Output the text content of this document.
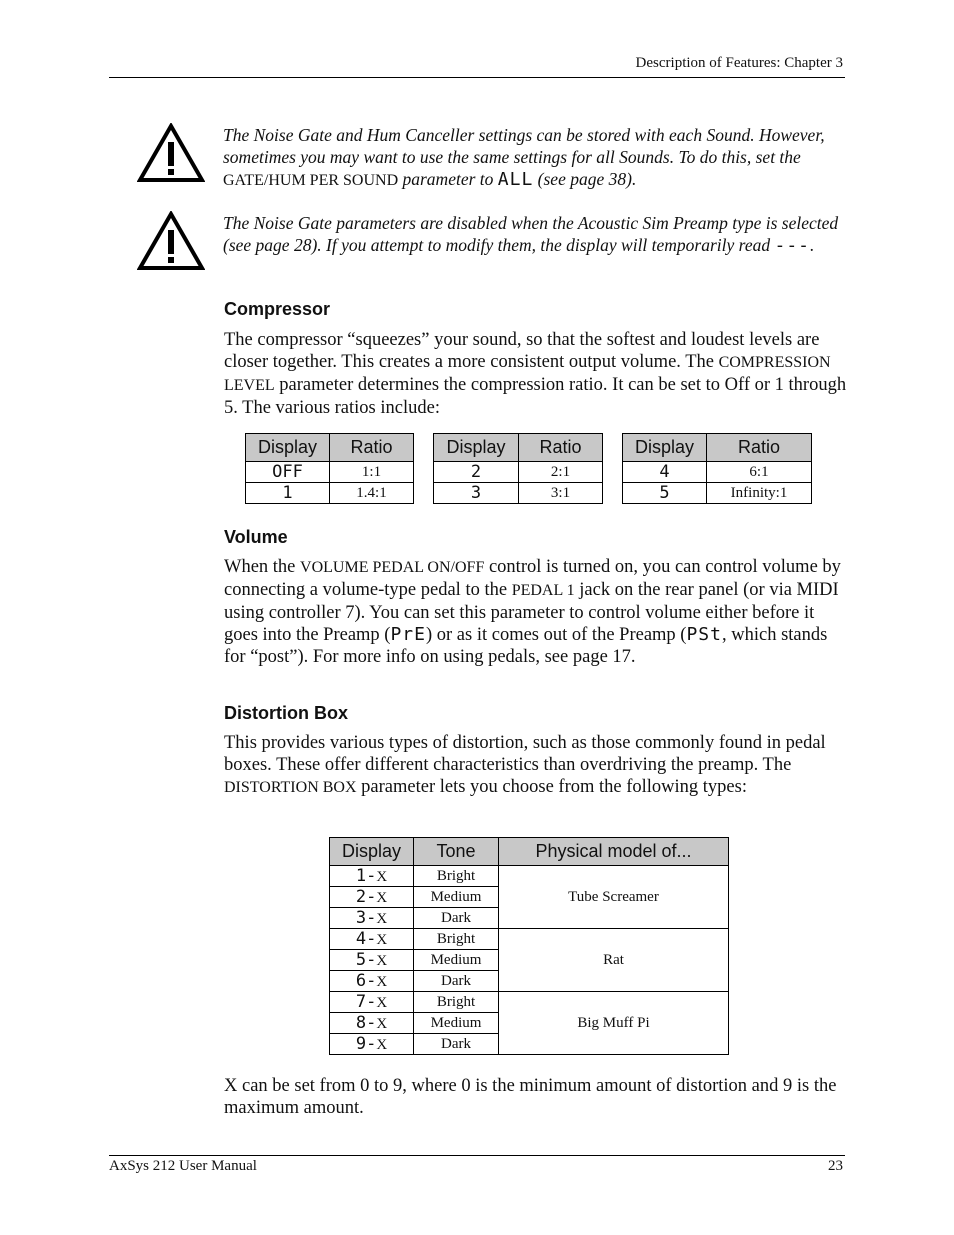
Description of Features: Chapter 3
The Noise Gate and Hum Canceller settings can be stored with each Sound. However, sometimes you may want to use the same settings for all Sounds. To do this, set the GATE/HUM PER SOUND parameter to ALL (see page 38).
The Noise Gate parameters are disabled when the Acoustic Sim Preamp type is selected (see page 28). If you attempt to modify them, the display will temporarily read ---.
Compressor
The compressor “squeezes” your sound, so that the softest and loudest levels are closer together. This creates a more consistent output volume. The COMPRESSION LEVEL parameter determines the compression ratio. It can be set to Off or 1 through 5. The various ratios include:
Display	Ratio
OFF	1:1
1	1.4:1
Display	Ratio
2	2:1
3	3:1
Display	Ratio
4	6:1
5	Infinity:1
Volume
When the VOLUME PEDAL ON/OFF control is turned on, you can control volume by connecting a volume-type pedal to the PEDAL 1 jack on the rear panel (or via MIDI using controller 7). You can set this parameter to control volume either before it goes into the Preamp (PrE) or as it comes out of the Preamp (PSt, which stands for “post”). For more info on using pedals, see page 17.
Distortion Box
This provides various types of distortion, such as those commonly found in pedal boxes. These offer different characteristics than overdriving the preamp. The DISTORTION BOX parameter lets you choose from the following types:
Display	Tone	Physical model of...
1-X	Bright	Tube Screamer
2-X	Medium	
3-X	Dark	
4-X	Bright	Rat
5-X	Medium	
6-X	Dark	
7-X	Bright	Big Muff Pi
8-X	Medium	
9-X	Dark	
X can be set from 0 to 9, where 0 is the minimum amount of distortion and 9 is the maximum amount.
AxSys 212 User Manual	23
